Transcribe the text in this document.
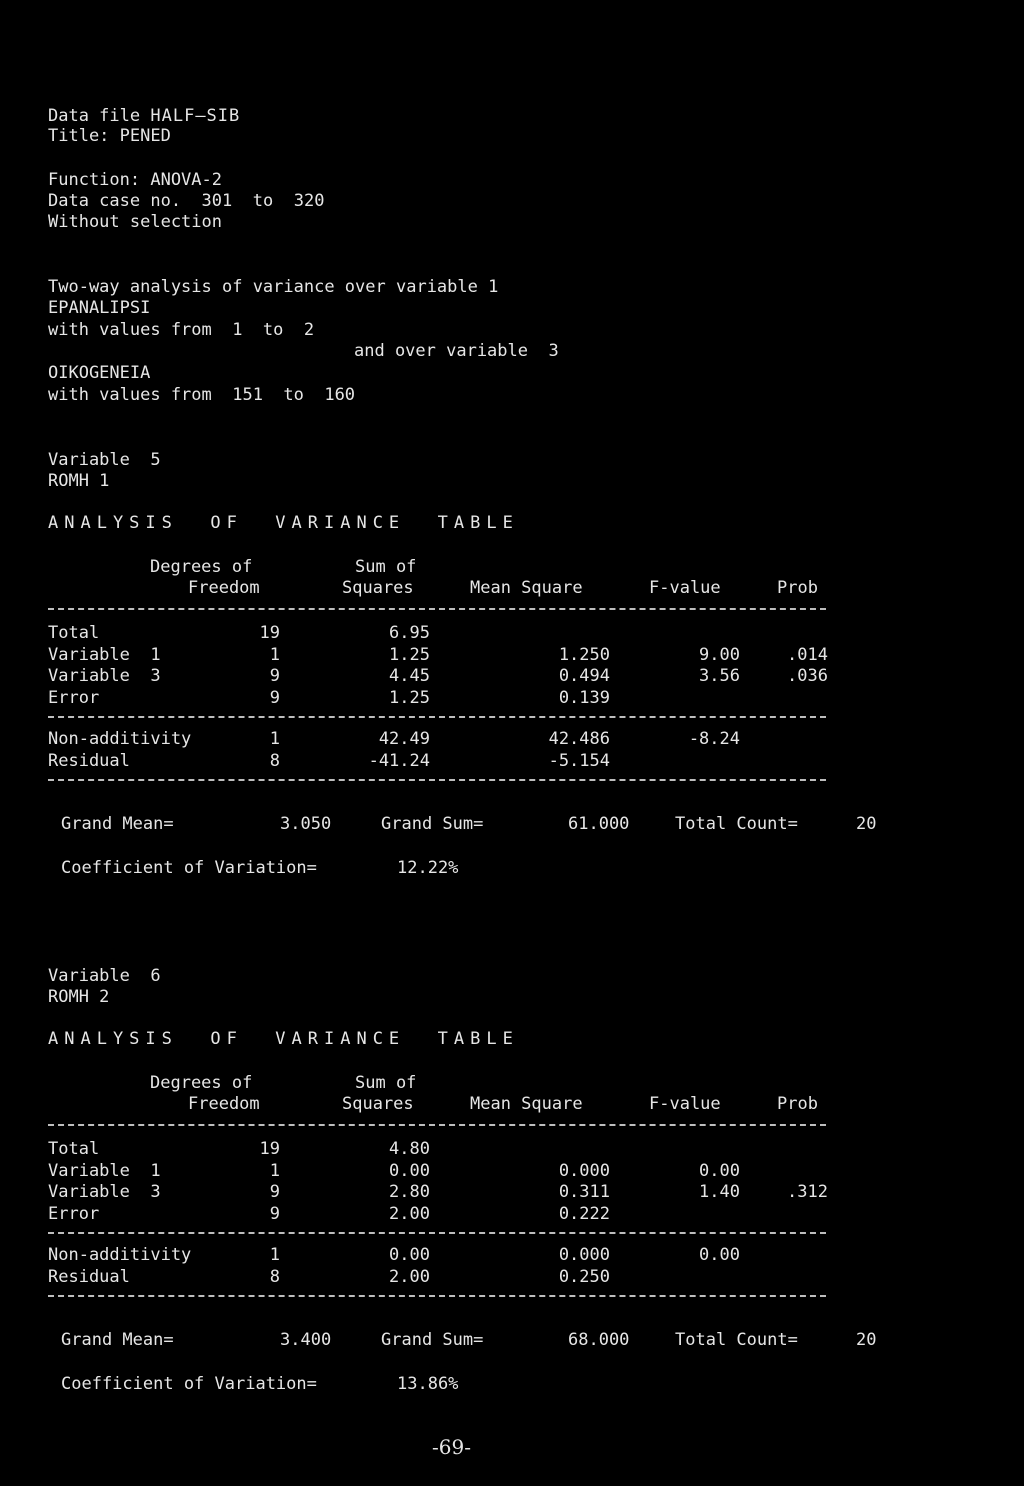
Data file HALF—SIB
Title: PENED
Function: ANOVA-2
Data case no. 301 to 320
Without selection
Two-way analysis of variance over variable 1
EPANALIPSI
with values from  1  to  2
and over variable  3
OIKOGENEIA
with values from  151  to  160
Variable  5
ROMH 1
ANALYSIS  OF  VARIANCE  TABLE
Degrees of
Freedom
Sum of
Squares	Mean Square	F-value	Prob
Total	19	6.95
Variable  1	1	1.25	1.250	9.00	.014
Variable  3	9	4.45	0.494	3.56	.036
Error	9	1.25	0.139
Non-additivity	1	42.49	42.486	-8.24
Residual	8	-41.24	-5.154
Grand Mean=	3.050	Grand Sum=	61.000	Total Count=	20
Coefficient of Variation=	12.22%
Variable  6
ROMH 2
ANALYSIS  OF  VARIANCE  TABLE
Degrees of
Freedom
Sum of
Squares	Mean Square	F-value	Prob
Total	19	4.80
Variable  1	1	0.00	0.000	0.00
Variable  3	9	2.80	0.311	1.40	.312
Error	9	2.00	0.222
Non-additivity	1	0.00	0.000	0.00
Residual	8	2.00	0.250
Grand Mean=	3.400	Grand Sum=	68.000	Total Count=	20
Coefficient of Variation=	13.86%
-69-
